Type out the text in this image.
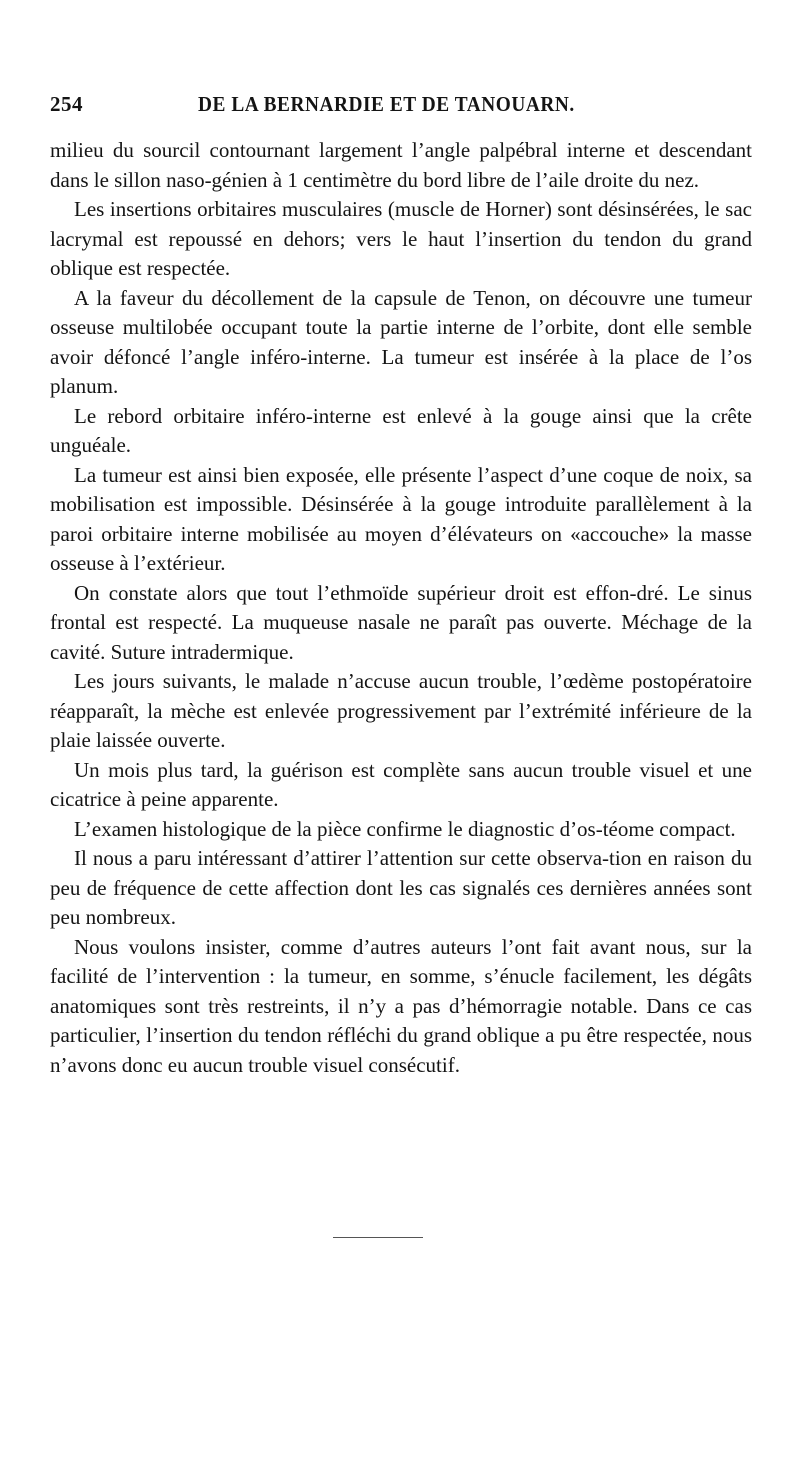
254	DE LA BERNARDIE ET DE TANOUARN.

milieu du sourcil contournant largement l’angle palpébral interne et descendant dans le sillon naso-génien à 1 centimètre du bord libre de l’aile droite du nez.

Les insertions orbitaires musculaires (muscle de Horner) sont désinsérées, le sac lacrymal est repoussé en dehors; vers le haut l’insertion du tendon du grand oblique est respectée.

A la faveur du décollement de la capsule de Tenon, on découvre une tumeur osseuse multilobée occupant toute la partie interne de l’orbite, dont elle semble avoir défoncé l’angle inféro-interne. La tumeur est insérée à la place de l’os planum.

Le rebord orbitaire inféro-interne est enlevé à la gouge ainsi que la crête unguéale.

La tumeur est ainsi bien exposée, elle présente l’aspect d’une coque de noix, sa mobilisation est impossible. Désinsérée à la gouge introduite parallèlement à la paroi orbitaire interne mobilisée au moyen d’élévateurs on «accouche» la masse osseuse à l’extérieur.

On constate alors que tout l’ethmoïde supérieur droit est effon-dré. Le sinus frontal est respecté. La muqueuse nasale ne paraît pas ouverte. Méchage de la cavité. Suture intradermique.

Les jours suivants, le malade n’accuse aucun trouble, l’œdème postopératoire réapparaît, la mèche est enlevée progressivement par l’extrémité inférieure de la plaie laissée ouverte.

Un mois plus tard, la guérison est complète sans aucun trouble visuel et une cicatrice à peine apparente.

L’examen histologique de la pièce confirme le diagnostic d’os-téome compact.

Il nous a paru intéressant d’attirer l’attention sur cette observa-tion en raison du peu de fréquence de cette affection dont les cas signalés ces dernières années sont peu nombreux.

Nous voulons insister, comme d’autres auteurs l’ont fait avant nous, sur la facilité de l’intervention : la tumeur, en somme, s’énucle facilement, les dégâts anatomiques sont très restreints, il n’y a pas d’hémorragie notable. Dans ce cas particulier, l’insertion du tendon réfléchi du grand oblique a pu être respectée, nous n’avons donc eu aucun trouble visuel consécutif.
